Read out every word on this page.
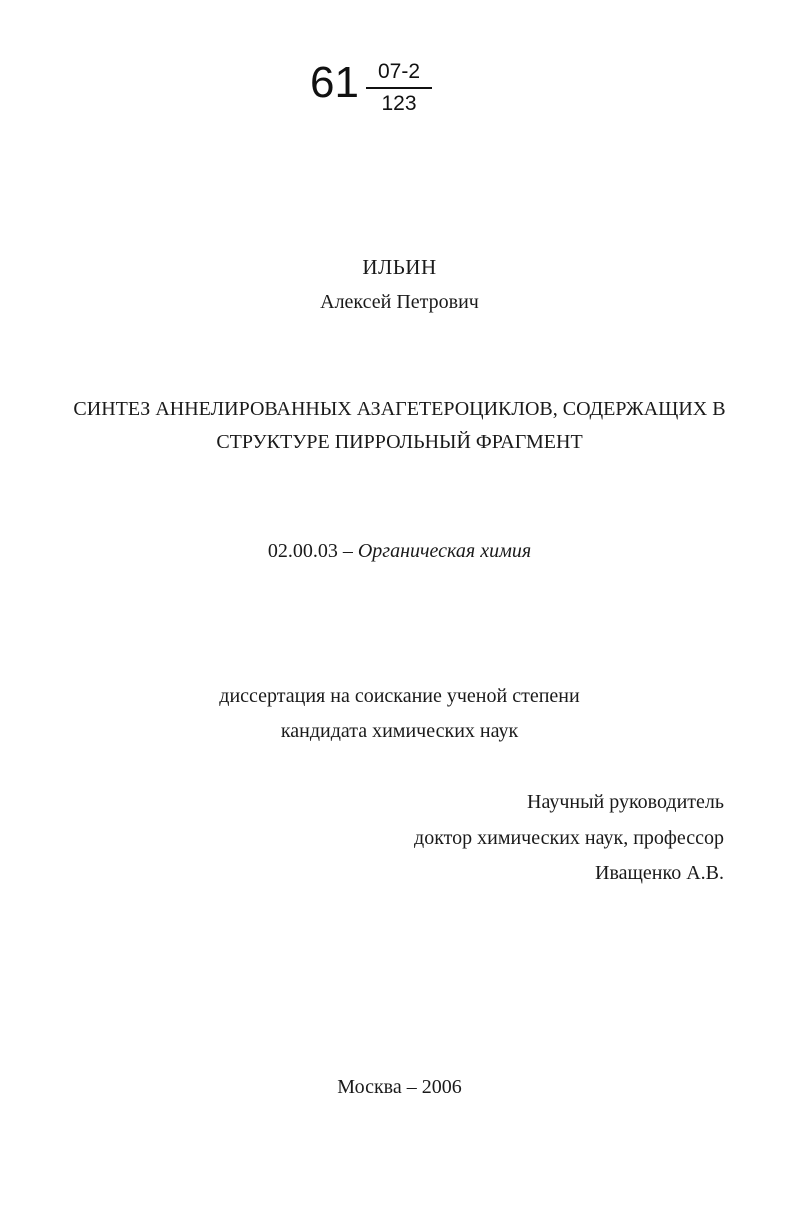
61 07-2
123
ИЛЬИН
Алексей Петрович
СИНТЕЗ АННЕЛИРОВАННЫХ АЗАГЕТЕРОЦИКЛОВ, СОДЕРЖАЩИХ В
СТРУКТУРЕ ПИРРОЛЬНЫЙ ФРАГМЕНТ
02.00.03 – Органическая химия
диссертация на соискание ученой степени
кандидата химических наук
Научный руководитель
доктор химических наук, профессор
Иващенко А.В.
Москва – 2006
